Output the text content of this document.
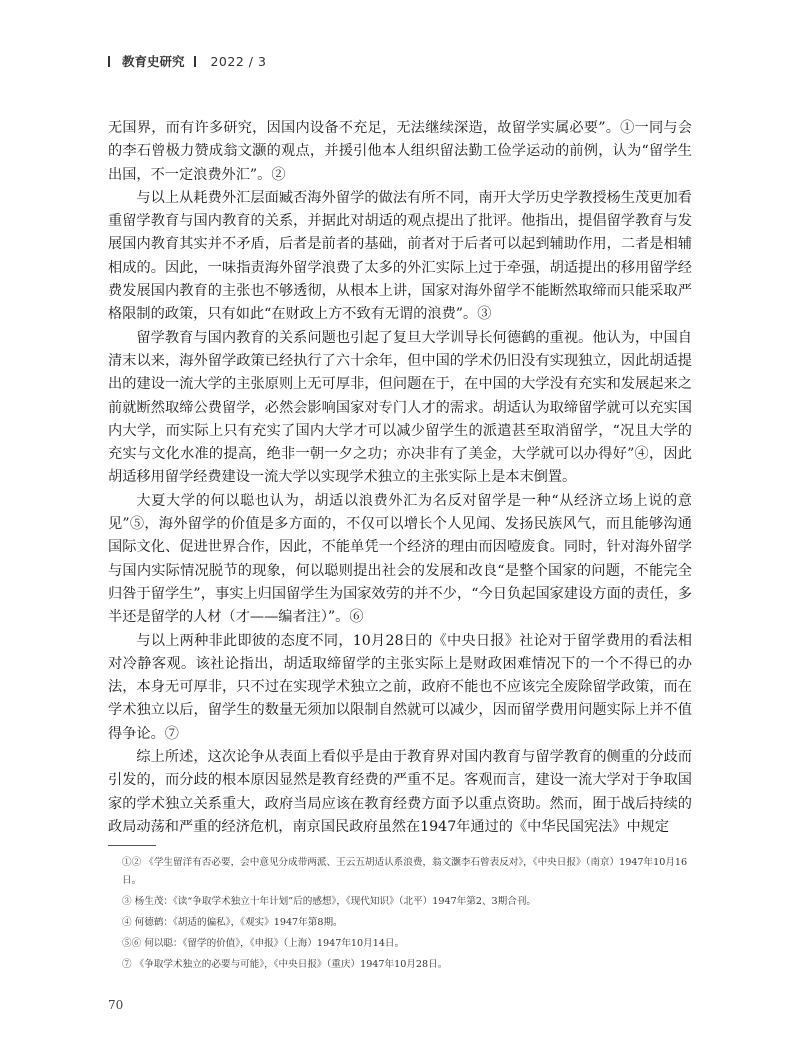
教育史研究 2022 / 3

无国界，而有许多研究，因国内设备不充足，无法继续深造，故留学实属必要”。①一同与会的李石曾极力赞成翁文灏的观点，并援引他本人组织留法勤工俭学运动的前例，认为“留学生出国，不一定浪费外汇”。②

与以上从耗费外汇层面臧否海外留学的做法有所不同，南开大学历史学教授杨生茂更加看重留学教育与国内教育的关系，并据此对胡适的观点提出了批评。他指出，提倡留学教育与发展国内教育其实并不矛盾，后者是前者的基础，前者对于后者可以起到辅助作用，二者是相辅相成的。因此，一味指责海外留学浪费了太多的外汇实际上过于牵强，胡适提出的移用留学经费发展国内教育的主张也不够透彻，从根本上讲，国家对海外留学不能断然取缔而只能采取严格限制的政策，只有如此“在财政上方不致有无谓的浪费”。③

留学教育与国内教育的关系问题也引起了复旦大学训导长何德鹤的重视。他认为，中国自清末以来，海外留学政策已经执行了六十余年，但中国的学术仍旧没有实现独立，因此胡适提出的建设一流大学的主张原则上无可厚非，但问题在于，在中国的大学没有充实和发展起来之前就断然取缔公费留学，必然会影响国家对专门人才的需求。胡适认为取缔留学就可以充实国内大学，而实际上只有充实了国内大学才可以减少留学生的派遣甚至取消留学，“况且大学的充实与文化水准的提高，绝非一朝一夕之功；亦决非有了美金，大学就可以办得好”④，因此胡适移用留学经费建设一流大学以实现学术独立的主张实际上是本末倒置。

大夏大学的何以聪也认为，胡适以浪费外汇为名反对留学是一种“从经济立场上说的意见”⑤，海外留学的价值是多方面的，不仅可以增长个人见闻、发扬民族风气，而且能够沟通国际文化、促进世界合作，因此，不能单凭一个经济的理由而因噎废食。同时，针对海外留学与国内实际情况脱节的现象，何以聪则提出社会的发展和改良“是整个国家的问题，不能完全归咎于留学生”，事实上归国留学生为国家效劳的并不少，“今日负起国家建设方面的责任，多半还是留学的人材（才——编者注）”。⑥

与以上两种非此即彼的态度不同，10月28日的《中央日报》社论对于留学费用的看法相对冷静客观。该社论指出，胡适取缔留学的主张实际上是财政困难情况下的一个不得已的办法，本身无可厚非，只不过在实现学术独立之前，政府不能也不应该完全废除留学政策，而在学术独立以后，留学生的数量无须加以限制自然就可以减少，因而留学费用问题实际上并不值得争论。⑦

综上所述，这次论争从表面上看似乎是由于教育界对国内教育与留学教育的侧重的分歧而引发的，而分歧的根本原因显然是教育经费的严重不足。客观而言，建设一流大学对于争取国家的学术独立关系重大，政府当局应该在教育经费方面予以重点资助。然而，囿于战后持续的政局动荡和严重的经济危机，南京国民政府虽然在1947年通过的《中华民国宪法》中规定

①② 《学生留洋有否必要，会中意见分成带两派、王云五胡适认系浪费，翁文灏李石曾表反对》，《中央日报》（南京）1947年10月16日。

③ 杨生茂：《读“争取学术独立十年计划”后的感想》，《现代知识》（北平）1947年第2、3期合刊。

④ 何德鹤：《胡适的偏私》，《观实》1947年第8期。

⑤⑥ 何以聪：《留学的价值》，《申报》（上海）1947年10月14日。

⑦ 《争取学术独立的必要与可能》，《中央日报》（重庆）1947年10月28日。

70
